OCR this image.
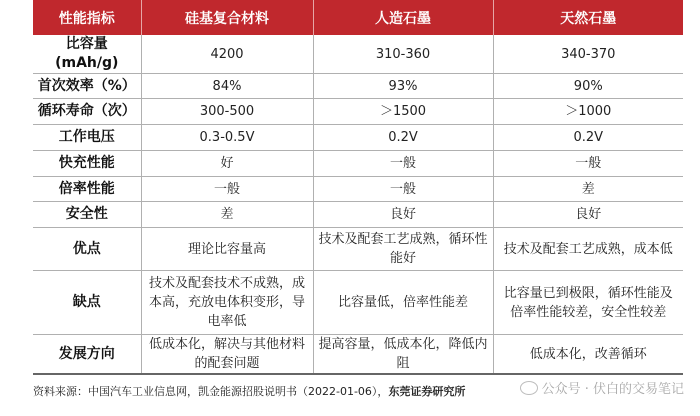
性能指标	硅基复合材料	人造石墨	天然石墨
比容量(mAh/g)	4200	310-360	340-370
首次效率（%）	84%	93%	90%
循环寿命（次）	300-500	＞1500	＞1000
工作电压	0.3-0.5V	0.2V	0.2V
快充性能	好	一般	一般
倍率性能	一般	一般	差
安全性	差	良好	良好
优点	理论比容量高	技术及配套工艺成熟，循环性能好	技术及配套工艺成熟，成本低
缺点	技术及配套技术不成熟，成本高，充放电体积变形，导电率低	比容量低，倍率性能差	比容量已到极限，循环性能及倍率性能较差，安全性较差
发展方向	低成本化，解决与其他材料的配套问题	提高容量，低成本化，降低内阻	低成本化，改善循环
资料来源：中国汽车工业信息网，凯金能源招股说明书（2022-01-06），东莞证券研究所	公众号 · 伏白的交易笔记
